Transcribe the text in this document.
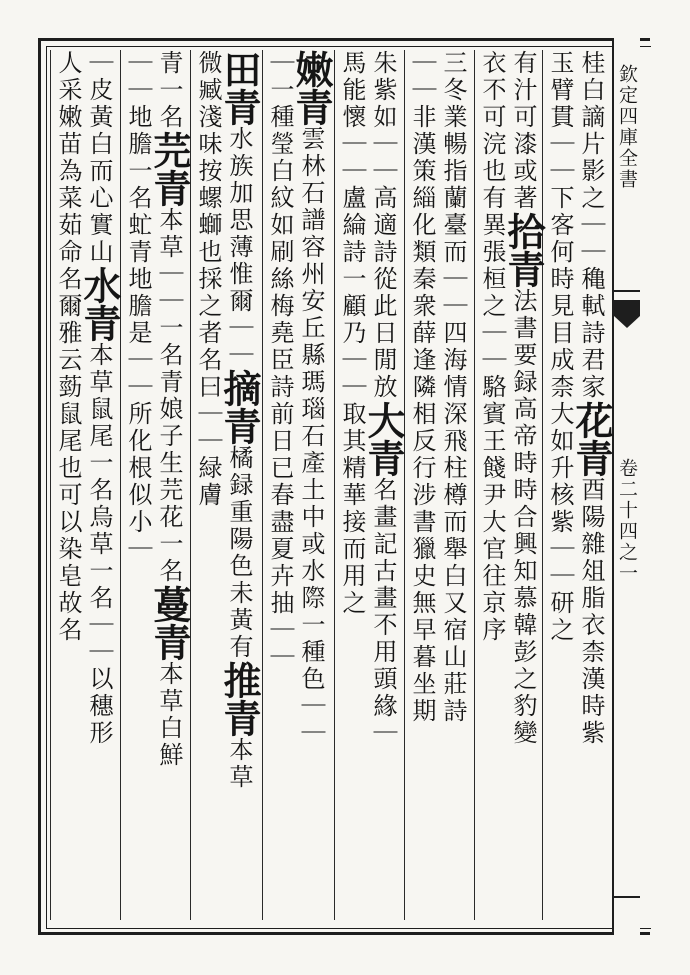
欽定四庫全書
卷二十四之一
桂白謫片影之｜｜穐軾詩君家花青酉陽雜俎脂衣柰漢時紫
玉臂貫｜｜下客何時見目成柰大如升核紫｜｜研之
有汁可漆或著拾青法書要録高帝時時合興知慕韓彭之豹變
衣不可浣也有異張桓之｜｜駱賓王餞尹大官往京序
三冬業暢指蘭臺而｜｜四海情深飛柱樽而舉白又宿山莊詩
｜｜非漢策緇化類秦衆薛逢隣相反行涉書獵史無早暮坐期
朱紫如｜｜高適詩從此日閒放大青名畫記古畫不用頭緣｜
馬能懷｜｜盧綸詩一顧乃｜｜取其精華接而用之
嫩青雲林石譜容州安丘縣瑪瑙石產土中或水際一種色｜｜
｜一種瑩白紋如刷絲梅堯臣詩前日已春盡夏卉抽｜｜
田青水族加思薄惟爾｜｜摘青橘録重陽色未黃有推青本草
微臧淺味按螺螄也採之者名曰｜｜緑膚
青一名芫青本草｜｜一名青娘子生芫花一名蔓青本草白鮮
｜｜地膽一名虻青地膽是｜｜所化根似小｜
｜皮黃白而心實山水青本草鼠尾一名烏草一名｜｜以穗形
人采嫩苗為菜茹命名爾雅云葝鼠尾也可以染皂故名
